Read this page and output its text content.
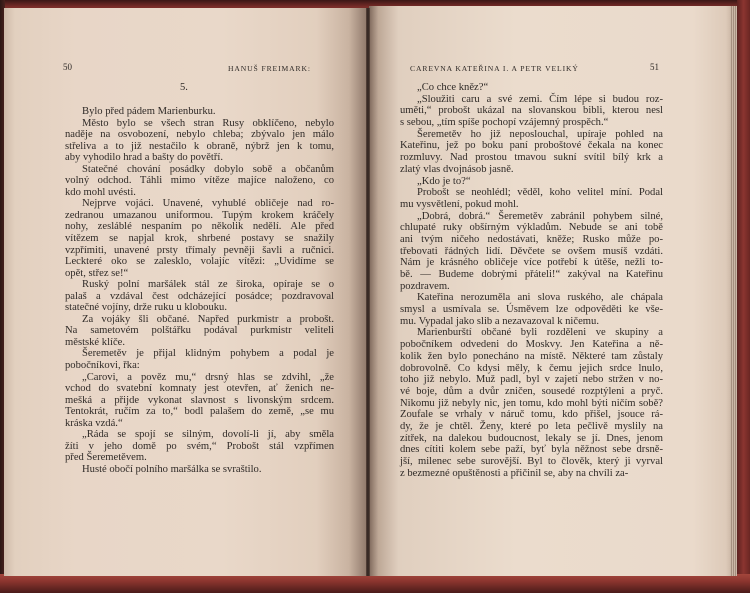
50	HANUŠ FREIMARK:
5.
CAREVNA KATEŘINA I. A PETR VELIKÝ	51
Bylo před pádem Marienburku.
Město bylo se všech stran Rusy obklíčeno, nebylo
naděje na osvobození, nebylo chleba; zbývalo jen málo
střeliva a to již nestačilo k obraně, nýbrž jen k tomu,
aby vyhodilo hrad a bašty do povětří.
Statečné chování posádky dobylo sobě a občanům
volný odchod. Táhli mimo vítěze majíce naloženo, co
kdo mohl uvésti.
Nejprve vojáci. Unavené, vyhublé obličeje nad ro-
zedranou umazanou uniformou. Tupým krokem kráčely
nohy, zesláblé nespaním po několik nedělí. Ale před
vítězem se napjal krok, shrbené postavy se snažily
vzpřímiti, unavené prsty třímaly pevněji šavli a ručnici.
Leckteré oko se zalesklo, volajíc vítězi: „Uvidíme se
opět, střez se!“
Ruský polní maršálek stál ze široka, opíraje se o
palaš a vzdával čest odcházející posádce; pozdravoval
statečné vojíny, drže ruku u klobouku.
Za vojáky šli občané. Napřed purkmistr a probošt.
Na sametovém polštářku podával purkmistr veliteli
městské klíče.
Šeremetěv je přijal klidným pohybem a podal je
pobočníkovi, řka:
„Carovi, a pověz mu,“ drsný hlas se zdvihl, „že
vchod do svatební komnaty jest otevřen, ať ženich ne-
mešká a přijde vykonat slavnost s livonským srdcem.
Tentokrát, ručím za to,“ bodl palašem do země, „se mu
kráska vzdá.“
„Ráda se spojí se silným, dovolí-li jí, aby směla
žíti v jeho domě po svém,“ Probošt stál vzpřímen
před Šeremetěvem.
Husté obočí polního maršálka se svraštilo.
„Co chce kněz?“
„Sloužiti caru a své zemi. Čím lépe si budou roz-
uměti,“ probošt ukázal na slovanskou bibli, kterou nesl
s sebou, „tím spíše pochopí vzájemný prospěch.“
Šeremetěv ho již neposlouchal, upíraje pohled na
Kateřinu, jež po boku paní proboštové čekala na konec
rozmluvy. Nad prostou tmavou sukní svítil bílý krk a
zlatý vlas dvojnásob jasně.
„Kdo je to?“
Probošt se neohlédl; věděl, koho velitel míní. Podal
mu vysvětlení, pokud mohl.
„Dobrá, dobrá.“ Šeremetěv zabránil pohybem silné,
chlupaté ruky obšírným výkladům. Nebude se ani tobě
ani tvým ničeho nedostávati, kněže; Rusko může po-
třebovati řádných lidí. Děvčete se ovšem musíš vzdáti.
Nám je krásného obličeje více potřebí k útěše, nežli to-
bě. — Budeme dobrými přáteli!“ zakýval na Kateřinu
pozdravem.
Kateřina nerozuměla ani slova ruského, ale chápala
smysl a usmívala se. Úsměvem lze odpověděti ke vše-
mu. Vypadal jako slib a nezavazoval k ničemu.
Marienburští občané byli rozděleni ve skupiny a
pobočníkem odvedeni do Moskvy. Jen Kateřina a ně-
kolik žen bylo ponecháno na místě. Některé tam zůstaly
dobrovolně. Co kdysi měly, k čemu jejich srdce lnulo,
toho již nebylo. Muž padl, byl v zajetí nebo stržen v no-
vé boje, dům a dvůr zničen, sousedé rozptýleni a pryč.
Nikomu již nebyly nic, jen tomu, kdo mohl býti ničím sobě?
Zoufale se vrhaly v náruč tomu, kdo přišel, jsouce rá-
dy, že je chtěl. Ženy, které po leta pečlivě myslily na
zítřek, na dalekou budoucnost, lekaly se jí. Dnes, jenom
dnes cítiti kolem sebe paží, byť byla něžnost sebe drsně-
jší, milenec sebe surovější. Byl to člověk, který ji vyrval
z bezmezné opuštěnosti a přičinil se, aby na chvíli za-
